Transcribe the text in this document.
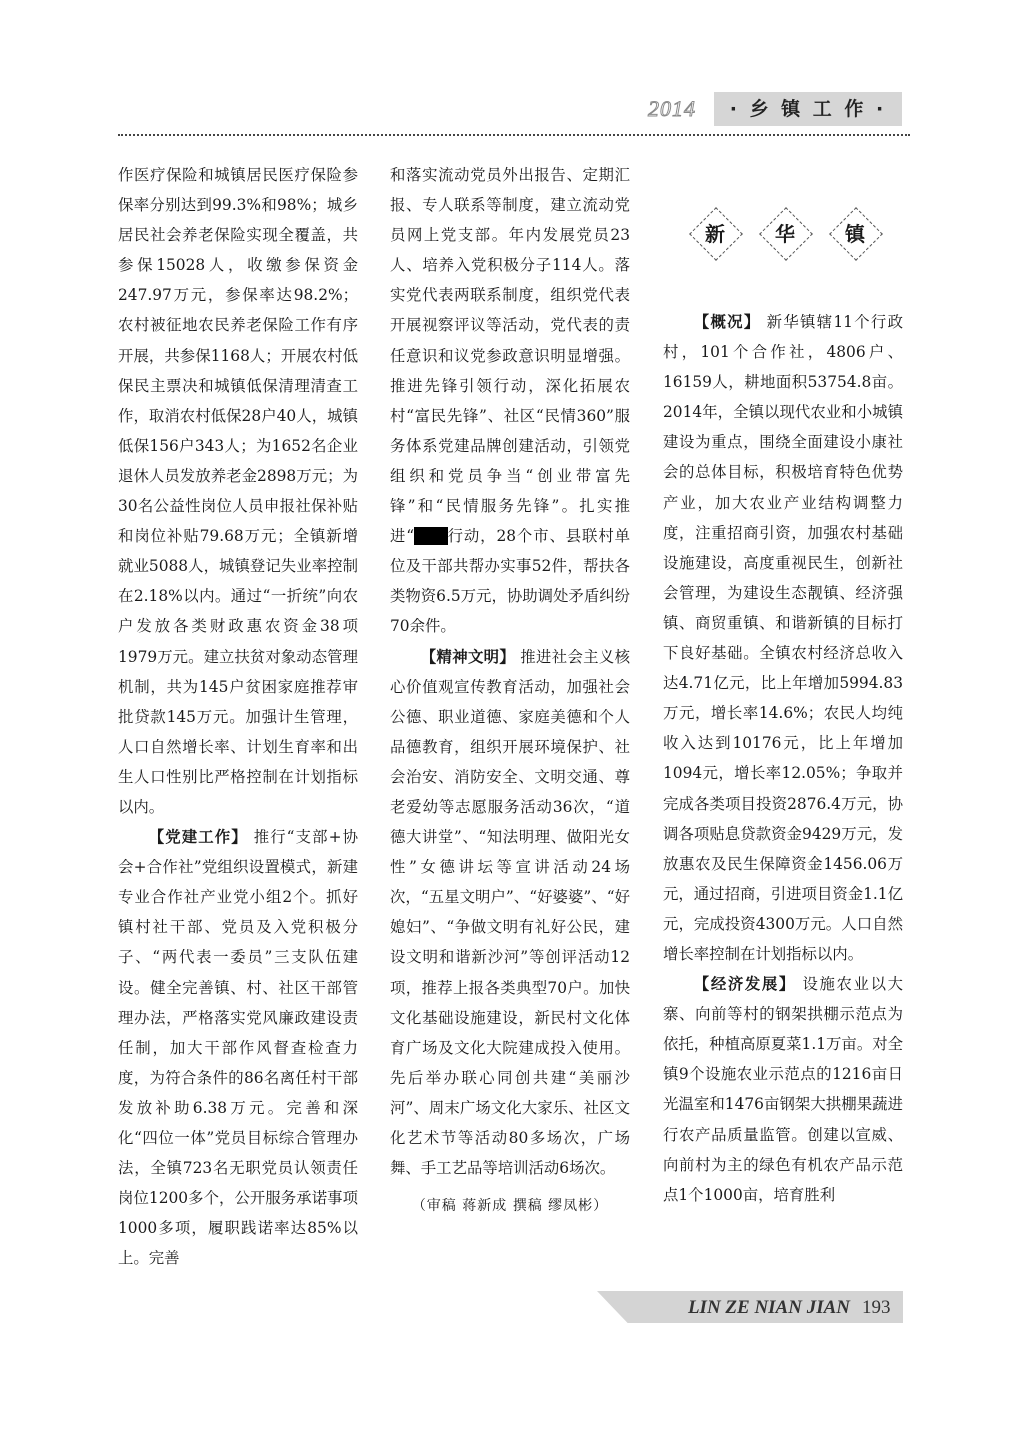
2014	· 乡 镇 工 作 ·

作医疗保险和城镇居民医疗保险参保率分别达到99.3%和98%；城乡居民社会养老保险实现全覆盖，共参保15028人，收缴参保资金247.97万元，参保率达98.2%；农村被征地农民养老保险工作有序开展，共参保1168人；开展农村低保民主票决和城镇低保清理清查工作，取消农村低保28户40人，城镇低保156户343人；为1652名企业退休人员发放养老金2898万元；为30名公益性岗位人员申报社保补贴和岗位补贴79.68万元；全镇新增就业5088人，城镇登记失业率控制在2.18%以内。通过“一折统”向农户发放各类财政惠农资金38项1979万元。建立扶贫对象动态管理机制，共为145户贫困家庭推荐审批贷款145万元。加强计生管理，人口自然增长率、计划生育率和出生人口性别比严格控制在计划指标以内。

【党建工作】 推行“支部+协会+合作社”党组织设置模式，新建专业合作社产业党小组2个。抓好镇村社干部、党员及入党积极分子、“两代表一委员”三支队伍建设。健全完善镇、村、社区干部管理办法，严格落实党风廉政建设责任制，加大干部作风督查检查力度，为符合条件的86名离任村干部发放补助6.38万元。完善和深化“四位一体”党员目标综合管理办法，全镇723名无职党员认领责任岗位1200多个，公开服务承诺事项1000多项，履职践诺率达85%以上。完善

和落实流动党员外出报告、定期汇报、专人联系等制度，建立流动党员网上党支部。年内发展党员23人、培养入党积极分子114人。落实党代表两联系制度，组织党代表开展视察评议等活动，党代表的责任意识和议党参政意识明显增强。推进先锋引领行动，深化拓展农村“富民先锋”、社区“民情360”服务体系党建品牌创建活动，引领党组织和党员争当“创业带富先锋”和“民情服务先锋”。扎实推进“双联行动，28个市、县联村单位及干部共帮办实事52件，帮扶各类物资6.5万元，协助调处矛盾纠纷70余件。

【精神文明】 推进社会主义核心价值观宣传教育活动，加强社会公德、职业道德、家庭美德和个人品德教育，组织开展环境保护、社会治安、消防安全、文明交通、尊老爱幼等志愿服务活动36次，“道德大讲堂”、“知法明理、做阳光女性”女德讲坛等宣讲活动24场次，“五星文明户”、“好婆婆”、“好媳妇”、“争做文明有礼好公民，建设文明和谐新沙河”等创评活动12项，推荐上报各类典型70户。加快文化基础设施建设，新民村文化体育广场及文化大院建成投入使用。先后举办联心同创共建“美丽沙河”、周末广场文化大家乐、社区文化艺术节等活动80多场次，广场舞、手工艺品等培训活动6场次。

（审稿 蒋新成 撰稿 缪凤彬）

新	华	镇

【概况】 新华镇辖11个行政村，101个合作社，4806户、16159人，耕地面积53754.8亩。2014年，全镇以现代农业和小城镇建设为重点，围绕全面建设小康社会的总体目标，积极培育特色优势产业，加大农业产业结构调整力度，注重招商引资，加强农村基础设施建设，高度重视民生，创新社会管理，为建设生态靓镇、经济强镇、商贸重镇、和谐新镇的目标打下良好基础。全镇农村经济总收入达4.71亿元，比上年增加5994.83万元，增长率14.6%；农民人均纯收入达到10176元，比上年增加1094元，增长率12.05%；争取并完成各类项目投资2876.4万元，协调各项贴息贷款资金9429万元，发放惠农及民生保障资金1456.06万元，通过招商，引进项目资金1.1亿元，完成投资4300万元。人口自然增长率控制在计划指标以内。

【经济发展】 设施农业以大寨、向前等村的钢架拱棚示范点为依托，种植高原夏菜1.1万亩。对全镇9个设施农业示范点的1216亩日光温室和1476亩钢架大拱棚果蔬进行农产品质量监管。创建以宣威、向前村为主的绿色有机农产品示范点1个1000亩，培育胜利

LIN ZE NIAN JIAN 193
